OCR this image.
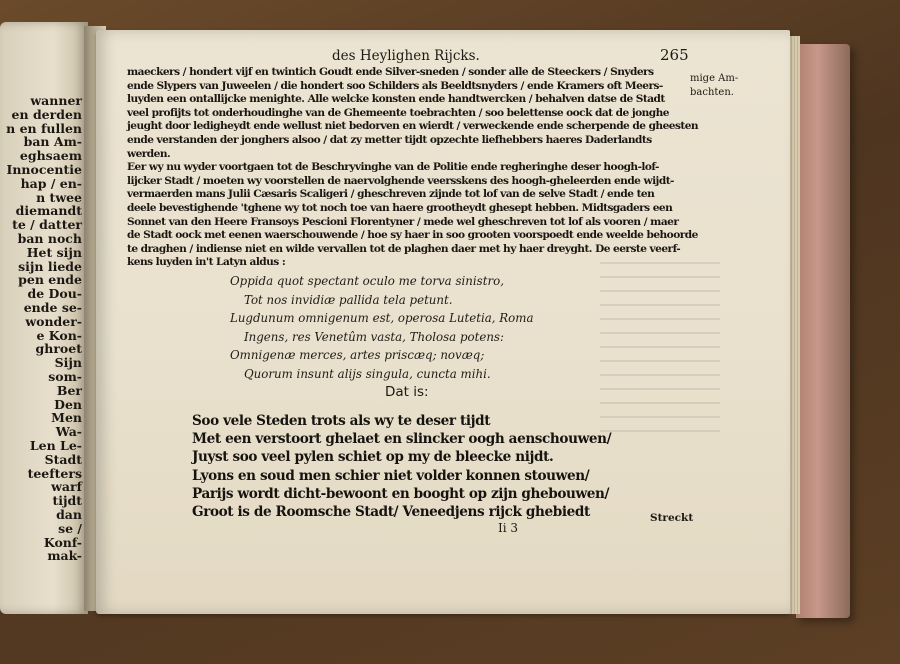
wanner
en derden
n en fullen
ban Am-
eghsaem
Innocentie
hap / en-
n twee
diemandt
te / datter
ban noch
Het sijn
sijn liede
pen ende
de Dou-
ende se-
wonder-
e Kon-
ghroet
Sijn
som-
Ber
Den
Men
Wa-
Len Le-
Stadt
teefters
warf
tijdt
dan
se /
Konf-
mak-
des Heylighen Rijcks.	265
mige Am-
bachten.
maeckers / hondert vijf en twintich Goudt ende Silver-sneden / sonder alle de Steeckers / Snyders
ende Slypers van Juweelen / die hondert soo Schilders als Beeldtsnyders / ende Kramers oft Meers-
luyden een ontallijcke menighte. Alle welcke konsten ende handtwercken / behalven datse de Stadt
veel profijts tot onderhoudinghe van de Ghemeente toebrachten / soo belettense oock dat de jonghe
jeught door ledigheydt ende wellust niet bedorven en wierdt / verweckende ende scherpende de gheesten
ende verstanden der jonghers alsoo / dat zy metter tijdt opzechte liefhebbers haeres Daderlandts
werden.
Eer wy nu wyder voortgaen tot de Beschryvinghe van de Politie ende regheringhe deser hoogh-lof-
lijcker Stadt / moeten wy voorstellen de naervolghende veersskens des hoogh-gheleerden ende wijdt-
vermaerden mans Julii Cæsaris Scaligeri / gheschreven zijnde tot lof van de selve Stadt / ende ten
deele bevestighende 'tghene wy tot noch toe van haere grootheydt ghesept hebben. Midtsgaders een
Sonnet van den Heere Fransoys Pescioni Florentyner / mede wel gheschreven tot lof als vooren / maer
de Stadt oock met eenen waerschouwende / hoe sy haer in soo grooten voorspoedt ende weelde behoorde
te draghen / indiense niet en wilde vervallen tot de plaghen daer met hy haer dreyght. De eerste veerf-
kens luyden in't Latyn aldus :
Oppida quot spectant oculo me torva sinistro,
Tot nos invidiæ pallida tela petunt.
Lugdunum omnigenum est, operosa Lutetia, Roma
Ingens, res Venetûm vasta, Tholosa potens:
Omnigenæ merces, artes priscæq; novæq;
Quorum insunt alijs singula, cuncta mihi.
Dat is:
Soo vele Steden trots als wy te deser tijdt
Met een verstoort ghelaet en slincker oogh aenschouwen/
Juyst soo veel pylen schiet op my de bleecke nijdt.
Lyons en soud men schier niet volder konnen stouwen/
Parijs wordt dicht-bewoont en booght op zijn ghebouwen/
Groot is de Roomsche Stadt/ Veneedjens rijck ghebiedt
Ii 3
Streckt
